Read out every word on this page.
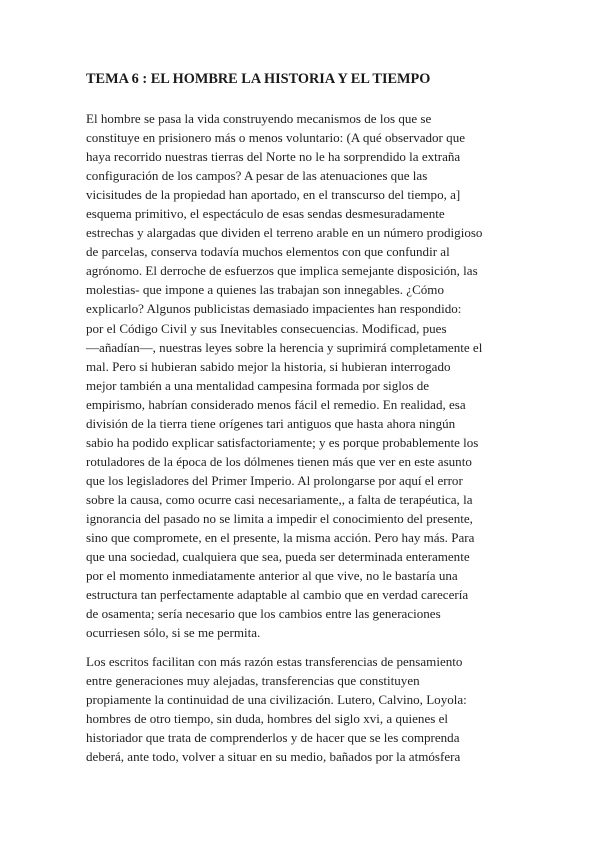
TEMA 6 : EL HOMBRE LA HISTORIA Y EL TIEMPO
El hombre se pasa la vida construyendo mecanismos de los que se
constituye en prisionero más o menos voluntario: (A qué observador que
haya recorrido nuestras tierras del Norte no le ha sorprendido la extraña
configuración de los campos? A pesar de las atenuaciones que las
vicisitudes de la propiedad han aportado, en el transcurso del tiempo, a]
esquema primitivo, el espectáculo de esas sendas desmesuradamente
estrechas y alargadas que dividen el terreno arable en un número prodigioso
de parcelas, conserva todavía muchos elementos con que confundir al
agrónomo. El derroche de esfuerzos que implica semejante disposición, las
molestias- que impone a quienes las trabajan son innegables. ¿Cómo
explicarlo? Algunos publicistas demasiado impacientes han respondido:
por el Código Civil y sus Inevitables consecuencias. Modificad, pues
—añadían—, nuestras leyes sobre la herencia y suprimirá completamente el
mal. Pero si hubieran sabido mejor la historia, si hubieran interrogado
mejor también a una mentalidad campesina formada por siglos de
empirismo, habrían considerado menos fácil el remedio. En realidad, esa
división de la tierra tiene orígenes tari antiguos que hasta ahora ningún
sabio ha podido explicar satisfactoriamente; y es porque probablemente los
rotuladores de la época de los dólmenes tienen más que ver en este asunto
que los legisladores del Primer Imperio. Al prolongarse por aquí el error
sobre la causa, como ocurre casi necesariamente,, a falta de terapéutica, la
ignorancia del pasado no se limita a impedir el conocimiento del presente,
sino que compromete, en el presente, la misma acción. Pero hay más. Para
que una sociedad, cualquiera que sea, pueda ser determinada enteramente
por el momento inmediatamente anterior al que vive, no le bastaría una
estructura tan perfectamente adaptable al cambio que en verdad carecería
de osamenta; sería necesario que los cambios entre las generaciones
ocurriesen sólo, si se me permita.
Los escritos facilitan con más razón estas transferencias de pensamiento
entre generaciones muy alejadas, transferencias que constituyen
propiamente la continuidad de una civilización. Lutero, Calvino, Loyola:
hombres de otro tiempo, sin duda, hombres del siglo xvi, a quienes el
historiador que trata de comprenderlos y de hacer que se les comprenda
deberá, ante todo, volver a situar en su medio, bañados por la atmósfera
